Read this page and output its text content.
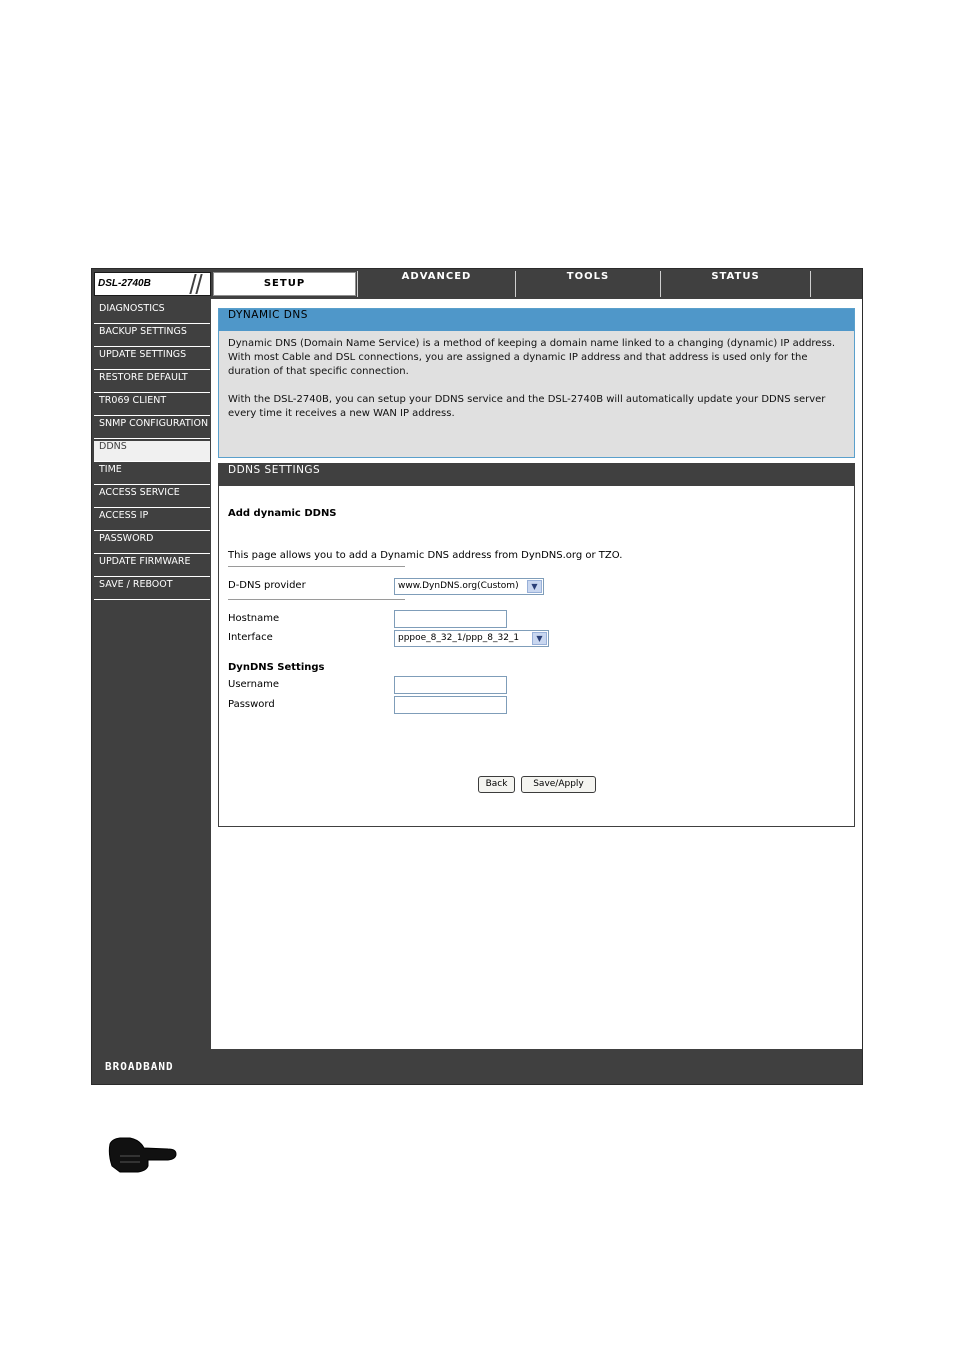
DSL-2740B	SETUP
ADVANCED	TOOLS	STATUS
DIAGNOSTICS
BACKUP SETTINGS
UPDATE SETTINGS
RESTORE DEFAULT
TR069 CLIENT
SNMP CONFIGURATION
DDNS
TIME
ACCESS SERVICE
ACCESS IP
PASSWORD
UPDATE FIRMWARE
SAVE / REBOOT
DYNAMIC DNS

Dynamic DNS (Domain Name Service) is a method of keeping a domain name linked to a changing (dynamic) IP address. With most Cable and DSL connections, you are assigned a dynamic IP address and that address is used only for the duration of that specific connection.

With the DSL-2740B, you can setup your DDNS service and the DSL-2740B will automatically update your DDNS server every time it receives a new WAN IP address.

DDNS SETTINGS
Add dynamic DDNS
This page allows you to add a Dynamic DNS address from DynDNS.org or TZO.
D-DNS provider	www.DynDNS.org(Custom)	▼
Hostname
Interface	pppoe_8_32_1/ppp_8_32_1	▼
DynDNS Settings
Username
Password
Back	Save/Apply
BROADBAND
